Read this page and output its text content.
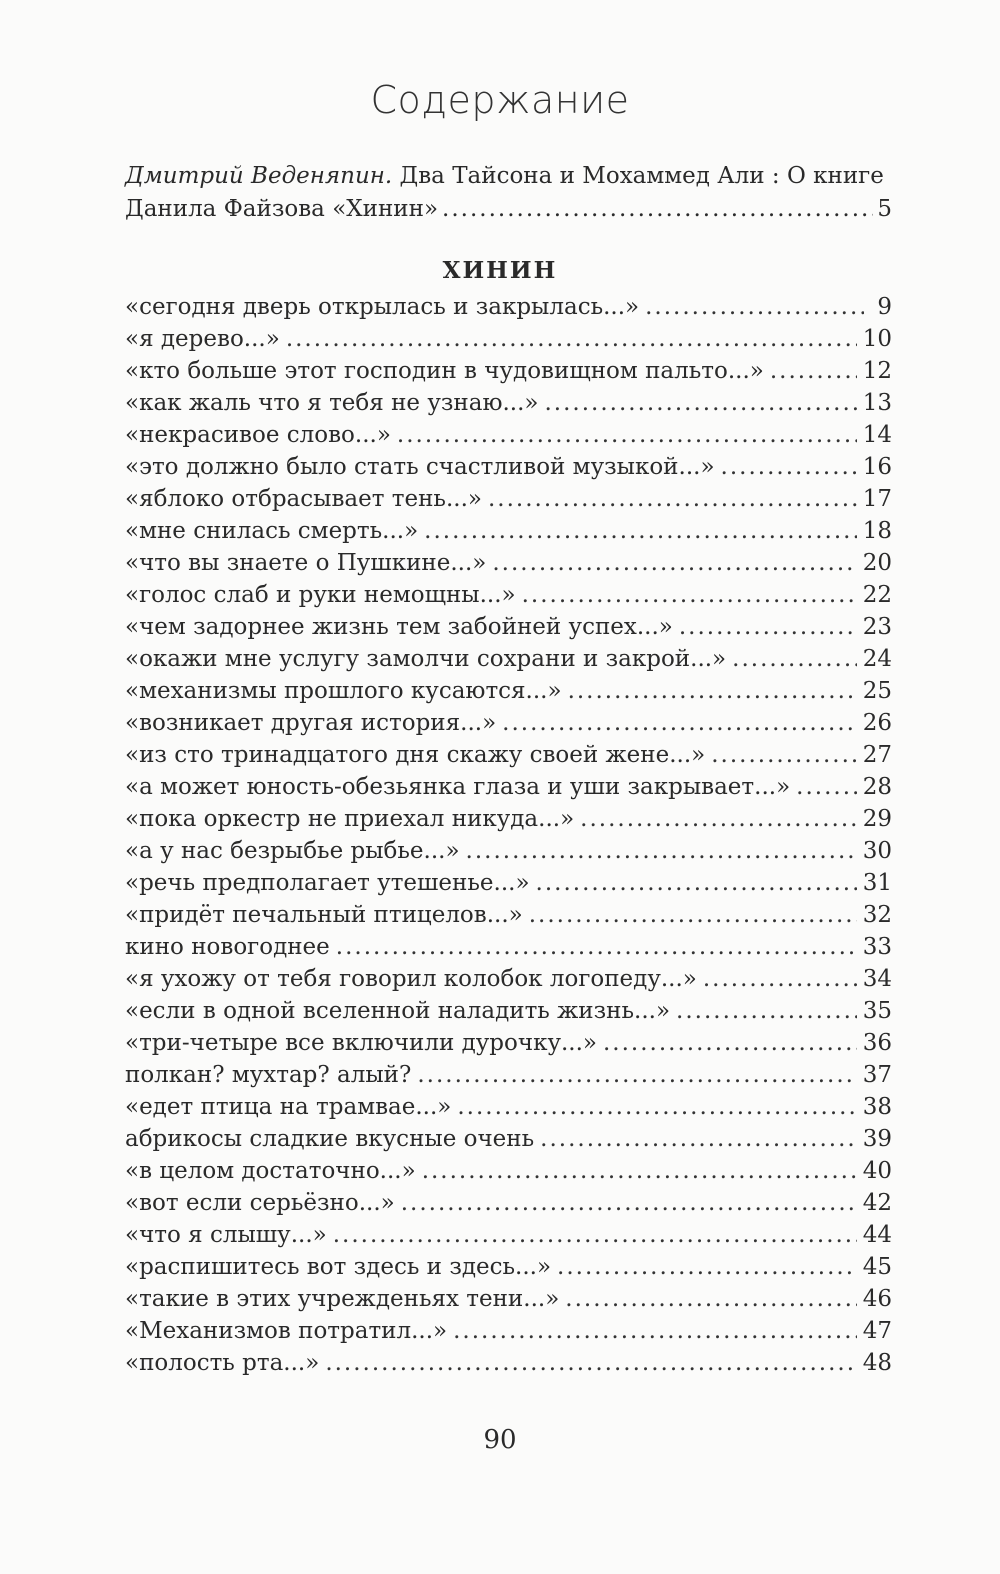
Содержание
Дмитрий Веденяпин. Два Тайсона и Мохаммед Али : О книге
Данила Файзова «Хинин» .....	5
ХИНИН
«сегодня дверь открылась и закрылась...» .....	9
«я дерево...» .....	10
«кто больше этот господин в чудовищном пальто...» .....	12
«как жаль что я тебя не узнаю...» .....	13
«некрасивое слово...» .....	14
«это должно было стать счастливой музыкой...» .....	16
«яблоко отбрасывает тень...» .....	17
«мне снилась смерть...» .....	18
«что вы знаете о Пушкине...» .....	20
«голос слаб и руки немощны...» .....	22
«чем задорнее жизнь тем забойней успех...» .....	23
«окажи мне услугу замолчи сохрани и закрой...» .....	24
«механизмы прошлого кусаются...» .....	25
«возникает другая история...» .....	26
«из сто тринадцатого дня скажу своей жене...» .....	27
«а может юность-обезьянка глаза и уши закрывает...» .....	28
«пока оркестр не приехал никуда...» .....	29
«а у нас безрыбье рыбье...» .....	30
«речь предполагает утешенье...» .....	31
«придёт печальный птицелов...» .....	32
кино новогоднее .....	33
«я ухожу от тебя говорил колобок логопеду...» .....	34
«если в одной вселенной наладить жизнь...» .....	35
«три-четыре все включили дурочку...» .....	36
полкан? мухтар? алый? .....	37
«едет птица на трамвае...» .....	38
абрикосы сладкие вкусные очень .....	39
«в целом достаточно...» .....	40
«вот если серьёзно...» .....	42
«что я слышу...» .....	44
«распишитесь вот здесь и здесь...» .....	45
«такие в этих учрежденьях тени...» .....	46
«Механизмов потратил...» .....	47
«полость рта...» .....	48
90
